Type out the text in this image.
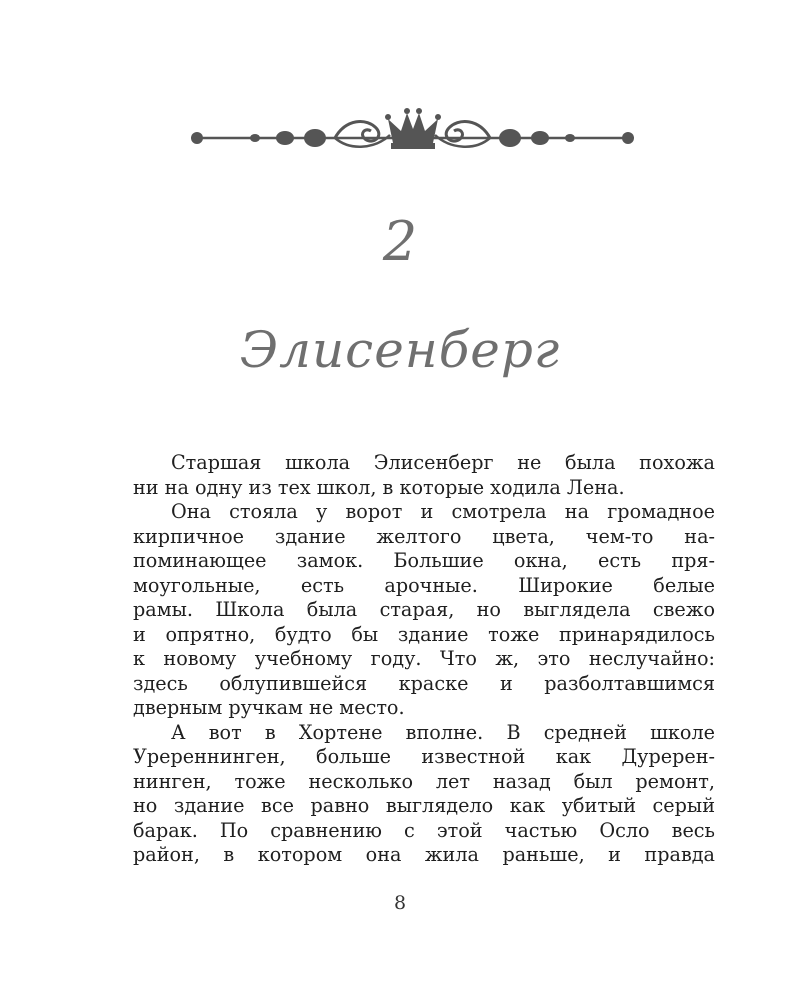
2
Элисенберг
Старшая школа Элисенберг не была похожа
ни на одну из тех школ, в которые ходила Лена.
Она стояла у ворот и смотрела на громадное
кирпичное здание желтого цвета, чем-то на-
поминающее замок. Большие окна, есть пря-
моугольные, есть арочные. Широкие белые
рамы. Школа была старая, но выглядела свежо
и опрятно, будто бы здание тоже принарядилось
к новому учебному году. Что ж, это неслучайно:
здесь облупившейся краске и разболтавшимся
дверным ручкам не место.
А вот в Хортене вполне. В средней школе
Уререннинген, больше известной как Дуререн-
нинген, тоже несколько лет назад был ремонт,
но здание все равно выглядело как убитый серый
барак. По сравнению с этой частью Осло весь
район, в котором она жила раньше, и правда
8
